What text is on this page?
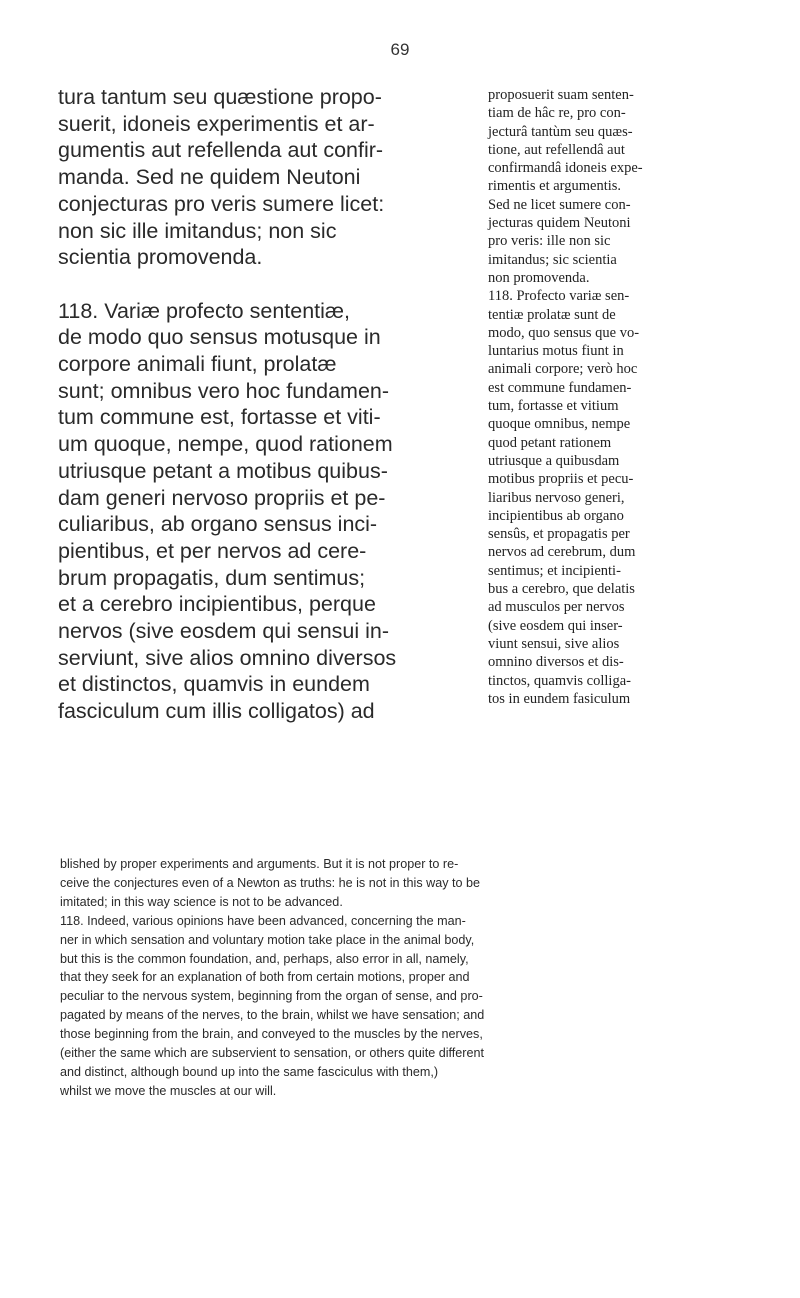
69
tura tantum seu quæstione propo-
suerit, idoneis experimentis et ar-
gumentis aut refellenda aut confir-
manda. Sed ne quidem Neutoni
conjecturas pro veris sumere licet:
non sic ille imitandus; non sic
scientia promovenda.
118. Variæ profecto sententiæ,
de modo quo sensus motusque in
corpore animali fiunt, prolatæ
sunt; omnibus vero hoc fundamen-
tum commune est, fortasse et viti-
um quoque, nempe, quod rationem
utriusque petant a motibus quibus-
dam generi nervoso propriis et pe-
culiaribus, ab organo sensus inci-
pientibus, et per nervos ad cere-
brum propagatis, dum sentimus;
et a cerebro incipientibus, perque
nervos (sive eosdem qui sensui in-
serviunt, sive alios omnino diversos
et distinctos, quamvis in eundem
fasciculum cum illis colligatos) ad
proposuerit suam senten-
tiam de hâc re, pro con-
jecturâ tantùm seu quæs-
tione, aut refellendâ aut
confirmandâ idoneis expe-
rimentis et argumentis.
Sed ne licet sumere con-
jecturas quidem Neutoni
pro veris: ille non sic
imitandus; sic scientia
non promovenda.
118. Profecto variæ sen-
tentiæ prolatæ sunt de
modo, quo sensus que vo-
luntarius motus fiunt in
animali corpore; verò hoc
est commune fundamen-
tum, fortasse et vitium
quoque omnibus, nempe
quod petant rationem
utriusque a quibusdam
motibus propriis et pecu-
liaribus nervoso generi,
incipientibus ab organo
sensûs, et propagatis per
nervos ad cerebrum, dum
sentimus; et incipienti-
bus a cerebro, que delatis
ad musculos per nervos
(sive eosdem qui inser-
viunt sensui, sive alios
omnino diversos et dis-
tinctos, quamvis colliga-
tos in eundem fasiculum
blished by proper experiments and arguments. But it is not proper to re-
ceive the conjectures even of a Newton as truths: he is not in this way to be
imitated; in this way science is not to be advanced.
118. Indeed, various opinions have been advanced, concerning the man-
ner in which sensation and voluntary motion take place in the animal body,
but this is the common foundation, and, perhaps, also error in all, namely,
that they seek for an explanation of both from certain motions, proper and
peculiar to the nervous system, beginning from the organ of sense, and pro-
pagated by means of the nerves, to the brain, whilst we have sensation; and
those beginning from the brain, and conveyed to the muscles by the nerves,
(either the same which are subservient to sensation, or others quite different
and distinct, although bound up into the same fasciculus with them,)
whilst we move the muscles at our will.
